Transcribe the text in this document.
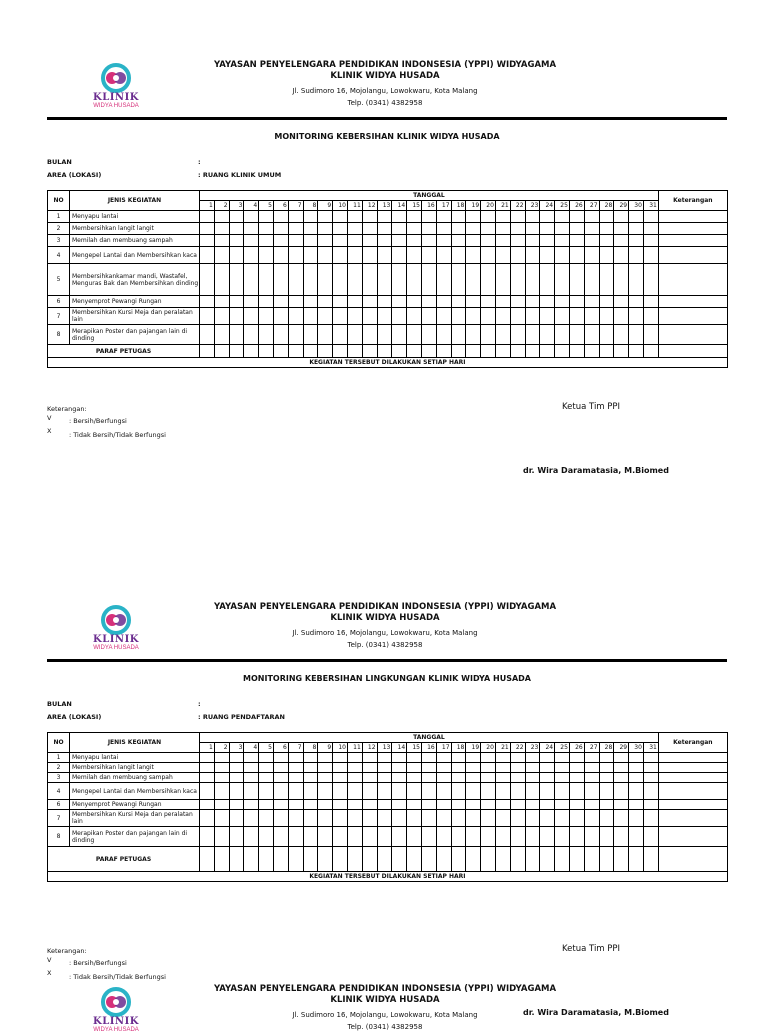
KLINIK
WIDYA HUSADA
YAYASAN PENYELENGARA PENDIDIKAN INDONSESIA (YPPI) WIDYAGAMA
KLINIK WIDYA HUSADA
Jl. Sudimoro 16, Mojolangu, Lowokwaru, Kota Malang
Telp. (0341) 4382958
MONITORING KEBERSIHAN KLINIK WIDYA HUSADA
BULAN	:
AREA (LOKASI)	: RUANG KLINIK UMUM
NO	JENIS KEGIATAN	TANGGAL																															Keterangan
		1	2	3	4	5	6	7	8	9	10	11	12	13	14	15	16	17	18	19	20	21	22	23	24	25	26	27	28	29	30	31	
1	Menyapu lantai																																
2	Membersihkan langit langit																																
3	Memilah dan membuang sampah																																
4	Mengepel Lantai dan Membersihkan kaca																																
5	Membersihkankamar mandi, Wastafel, Menguras Bak dan Membersihkan dinding																																
6	Menyemprot Pewangi Rungan																																
7	Membersihkan Kursi Meja dan peralatan lain																																
8	Merapikan Poster dan pajangan lain di dinding																																
PARAF PETUGAS																																	
KEGIATAN TERSEBUT DILAKUKAN SETIAP HARI																																	
Keterangan:
V	: Bersih/Berfungsi
X	: Tidak Bersih/Tidak Berfungsi
Ketua Tim PPI
dr. Wira Daramatasia, M.Biomed
KLINIK
WIDYA HUSADA
YAYASAN PENYELENGARA PENDIDIKAN INDONSESIA (YPPI) WIDYAGAMA
KLINIK WIDYA HUSADA
Jl. Sudimoro 16, Mojolangu, Lowokwaru, Kota Malang
Telp. (0341) 4382958
MONITORING KEBERSIHAN LINGKUNGAN KLINIK WIDYA HUSADA
BULAN	:
AREA (LOKASI)	: RUANG PENDAFTARAN
NO	JENIS KEGIATAN	TANGGAL																															Keterangan
		1	2	3	4	5	6	7	8	9	10	11	12	13	14	15	16	17	18	19	20	21	22	23	24	25	26	27	28	29	30	31	
1	Menyapu lantai																																
2	Membersihkan langit langit																																
3	Memilah dan membuang sampah																																
4	Mengepel Lantai dan Membersihkan kaca																																
6	Menyemprot Pewangi Rungan																																
7	Membersihkan Kursi Meja dan peralatan lain																																
8	Merapikan Poster dan pajangan lain di dinding																																
PARAF PETUGAS																																	
KEGIATAN TERSEBUT DILAKUKAN SETIAP HARI																																	
Keterangan:
V	: Bersih/Berfungsi
X	: Tidak Bersih/Tidak Berfungsi
Ketua Tim PPI
dr. Wira Daramatasia, M.Biomed
KLINIK
WIDYA HUSADA
YAYASAN PENYELENGARA PENDIDIKAN INDONSESIA (YPPI) WIDYAGAMA
KLINIK WIDYA HUSADA
Jl. Sudimoro 16, Mojolangu, Lowokwaru, Kota Malang
Telp. (0341) 4382958
